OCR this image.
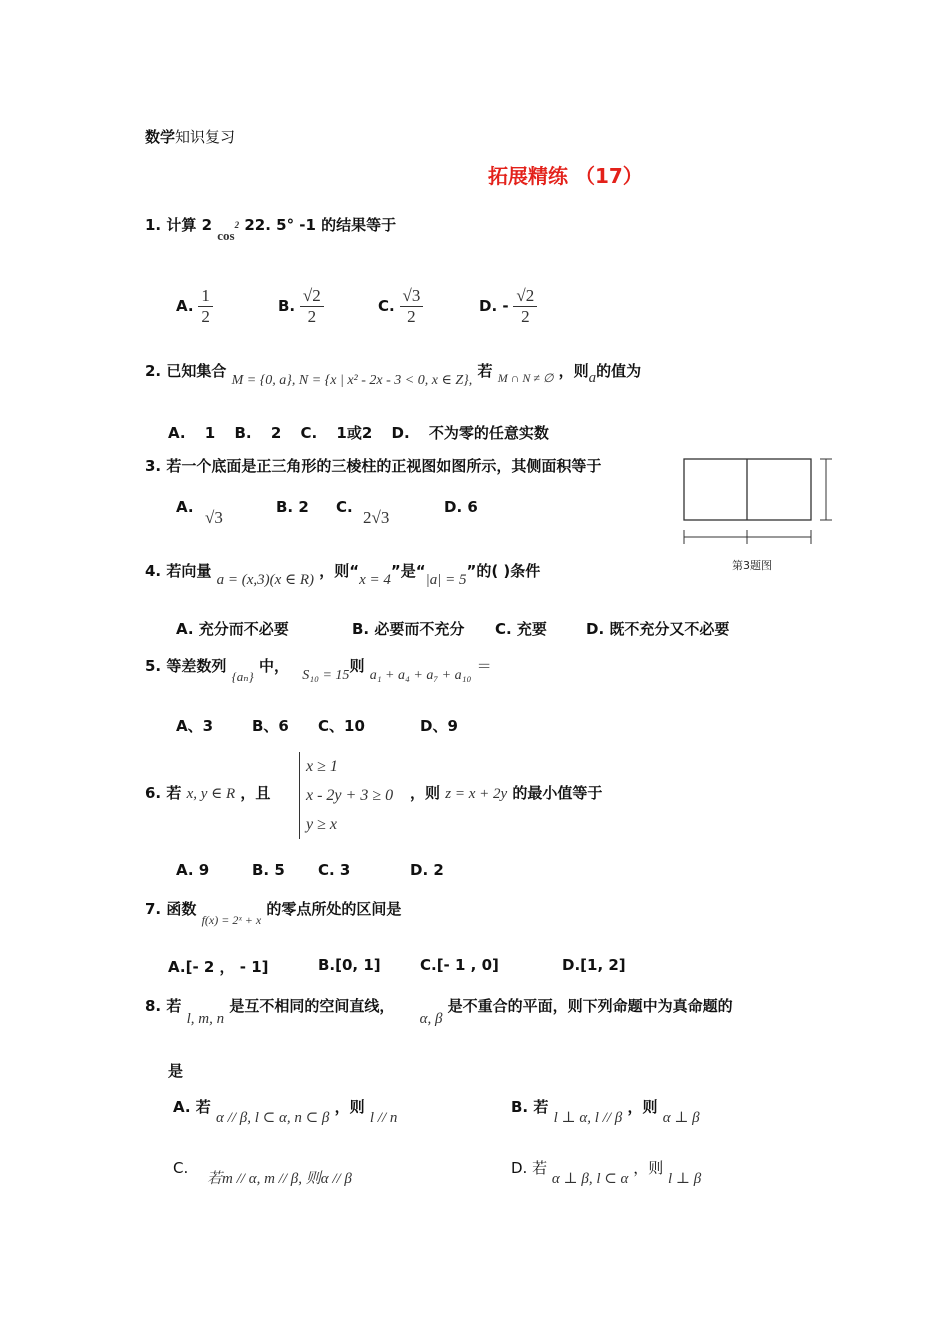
数学知识复习
拓展精练 （17）
1. 计算 2 $\cos^2 22$. 5° -1 的结果等于
A. $\frac{1}{2}$	B. $\frac{√2}{2}$	C. $\frac{√3}{2}$	D. - $\frac{√2}{2}$
2. 已知集合 M = {0, a}, N = {x | x² - 2x - 3 < 0, x ∈ Z}, 若 $_{M \cap N \ne \emptyset}$ ，则a的值为
A. 1 B. 2 C. 1或2 D. 不为零的任意实数
3. 若一个底面是正三角形的三棱柱的正视图如图所示，其侧面积等于
A.
√3
B. 2 C.
2√3
D. 6
第3题图
4. 若向量 a = (x,3)(x ∈ R) ，则“x = 4”是“|a| = 5”的( )条件
A. 充分而不必要	B. 必要而不充分 C. 充要	D. 既不充分又不必要
5. 等差数列 {aₙ} 中， S₁₀ = 15则 a₁ + a₄ + a₇ + a₁₀ ＝
A、3	B、6 C、10	D、9
6. 若 x, y ∈ R ，且
x ≥ 1
x - 2y + 3 ≥ 0
y ≥ x
，则 z = x + 2y 的最小值等于
A. 9	B. 5 C. 3	D. 2
7. 函数 $_{f(x) = 2ˣ + x}$ 的零点所处的区间是
A.[- 2 ， - 1]	B.[0, 1]	C.[- 1 , 0]	D.[1, 2]
8. 若 l, m, n 是互不相同的空间直线， α, β 是不重合的平面，则下列命题中为真命题的
是
A. 若 α // β, l ⊂ α, n ⊂ β ，则 l // n
B. 若 l ⊥ α, l // β ，则 α ⊥ β
C. 若m // α, m // β, 则α // β
D. 若 α ⊥ β, l ⊂ α ，则 l ⊥ β
